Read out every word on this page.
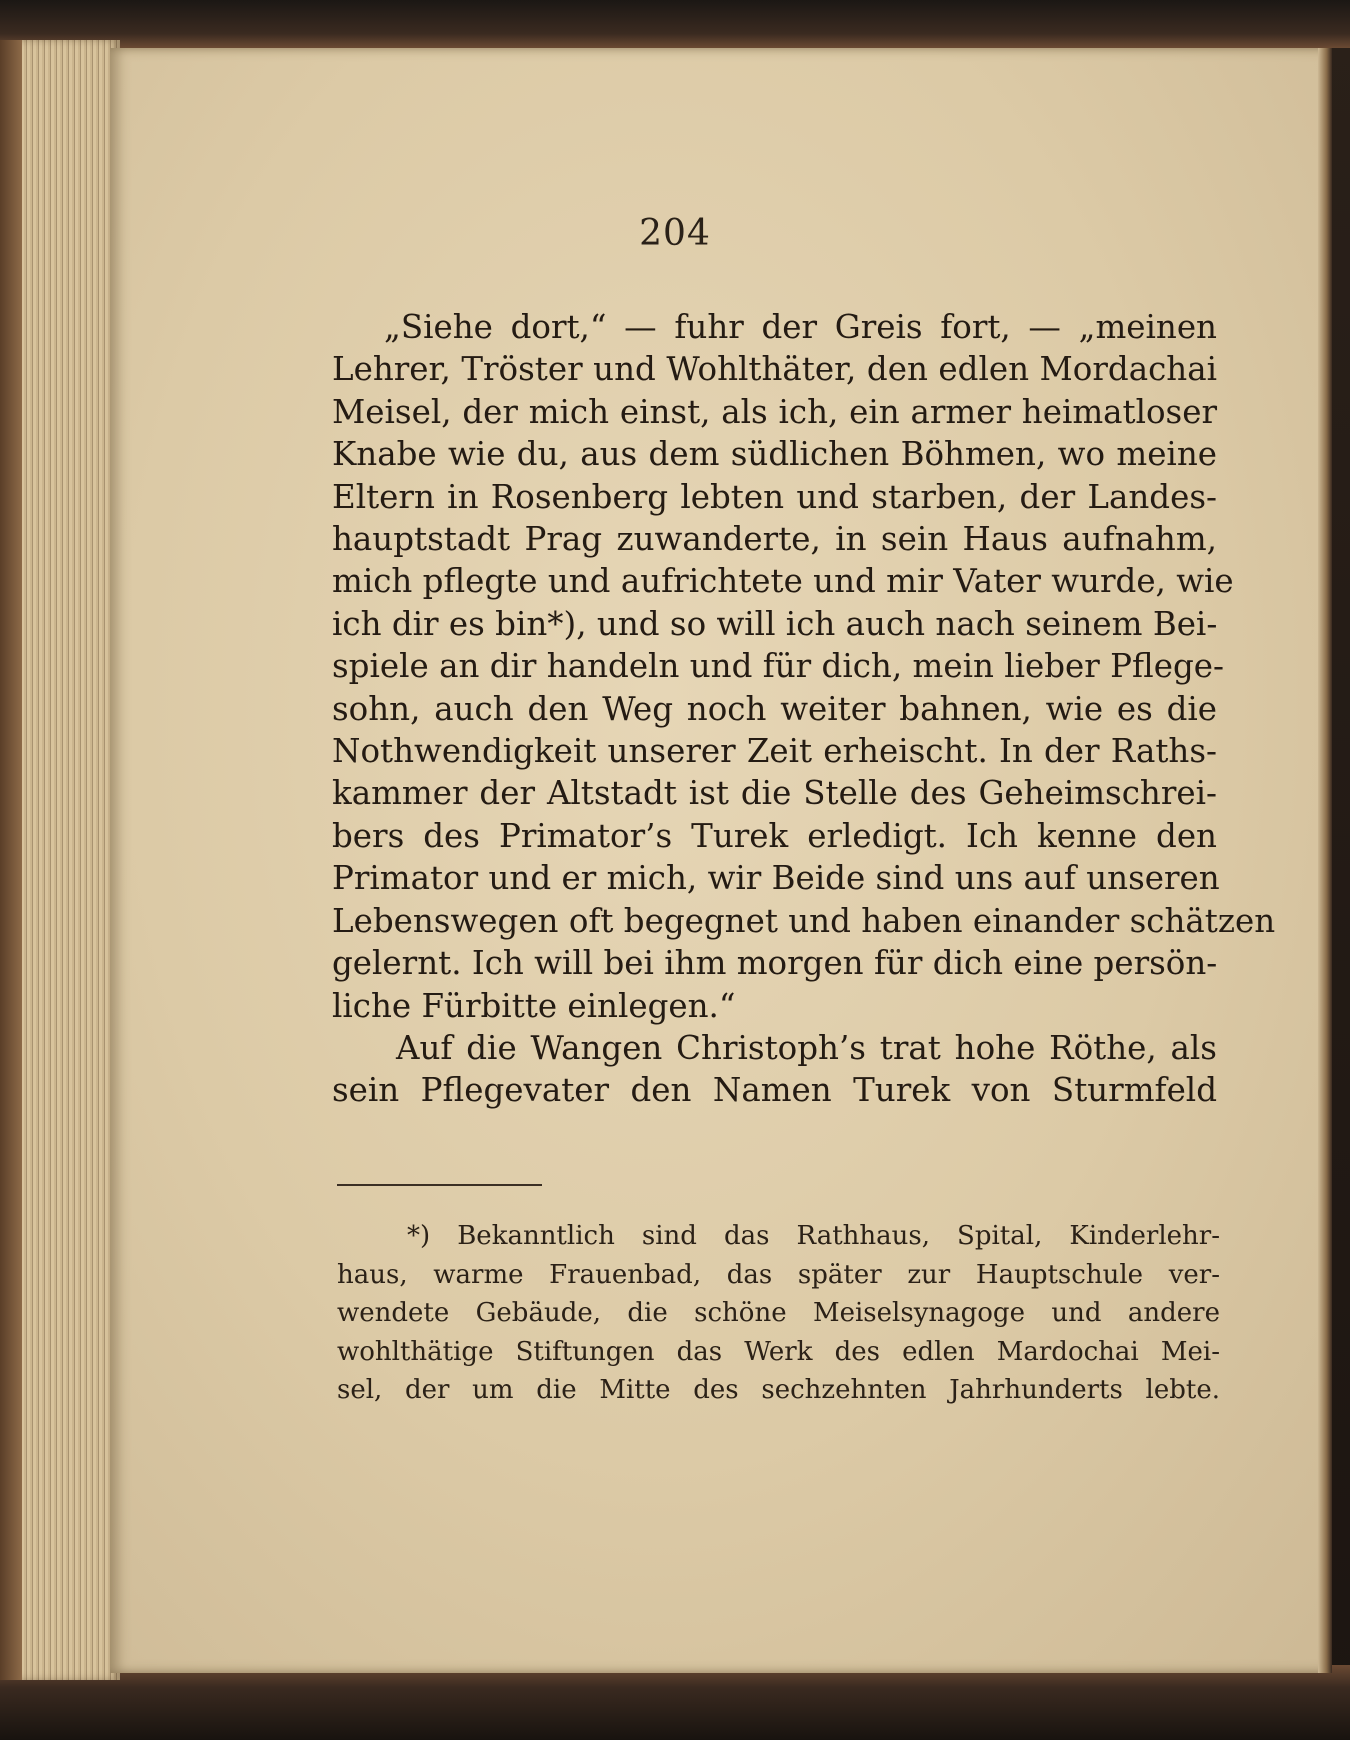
204
„Siehe dort,“ — fuhr der Greis fort, — „meinen
Lehrer, Tröster und Wohlthäter, den edlen Mordachai
Meisel, der mich einst, als ich, ein armer heimatloser
Knabe wie du, aus dem südlichen Böhmen, wo meine
Eltern in Rosenberg lebten und starben, der Landes-
hauptstadt Prag zuwanderte, in sein Haus aufnahm,
mich pflegte und aufrichtete und mir Vater wurde, wie
ich dir es bin*), und so will ich auch nach seinem Bei-
spiele an dir handeln und für dich, mein lieber Pflege-
sohn, auch den Weg noch weiter bahnen, wie es die
Nothwendigkeit unserer Zeit erheischt. In der Raths-
kammer der Altstadt ist die Stelle des Geheimschrei-
bers des Primator’s Turek erledigt. Ich kenne den
Primator und er mich, wir Beide sind uns auf unseren
Lebenswegen oft begegnet und haben einander schätzen
gelernt. Ich will bei ihm morgen für dich eine persön-
liche Fürbitte einlegen.“
Auf die Wangen Christoph’s trat hohe Röthe, als
sein Pflegevater den Namen Turek von Sturmfeld
*) Bekanntlich sind das Rathhaus, Spital, Kinderlehr-
haus, warme Frauenbad, das später zur Hauptschule ver-
wendete Gebäude, die schöne Meiselsynagoge und andere
wohlthätige Stiftungen das Werk des edlen Mardochai Mei-
sel, der um die Mitte des sechzehnten Jahrhunderts lebte.
